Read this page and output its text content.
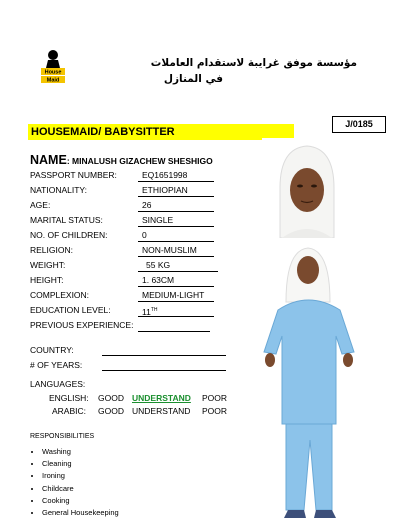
House
Maid
مؤسسة موفق غرايبة لاستقدام العاملات
في المنازل
J/0185
HOUSEMAID/ BABYSITTER
NAME: MINALUSH GIZACHEW SHESHIGO
PASSPORT NUMBER:	EQ1651998
NATIONALITY:	ETHIOPIAN
AGE:	26
MARITAL STATUS:	SINGLE
NO. OF CHILDREN:	0
RELIGION:	NON-MUSLIM
WEIGHT:	55 KG
HEIGHT:	1. 63CM
COMPLEXION:	MEDIUM-LIGHT
EDUCATION LEVEL:	11TH
PREVIOUS EXPERIENCE:
COUNTRY:
# OF YEARS:
LANGUAGES:
ENGLISH: GOOD UNDERSTAND POOR
ARABIC: GOOD UNDERSTAND POOR
RESPONSIBILITIES
• Washing
• Cleaning
• Ironing
• Childcare
• Cooking
• General Housekeeping
